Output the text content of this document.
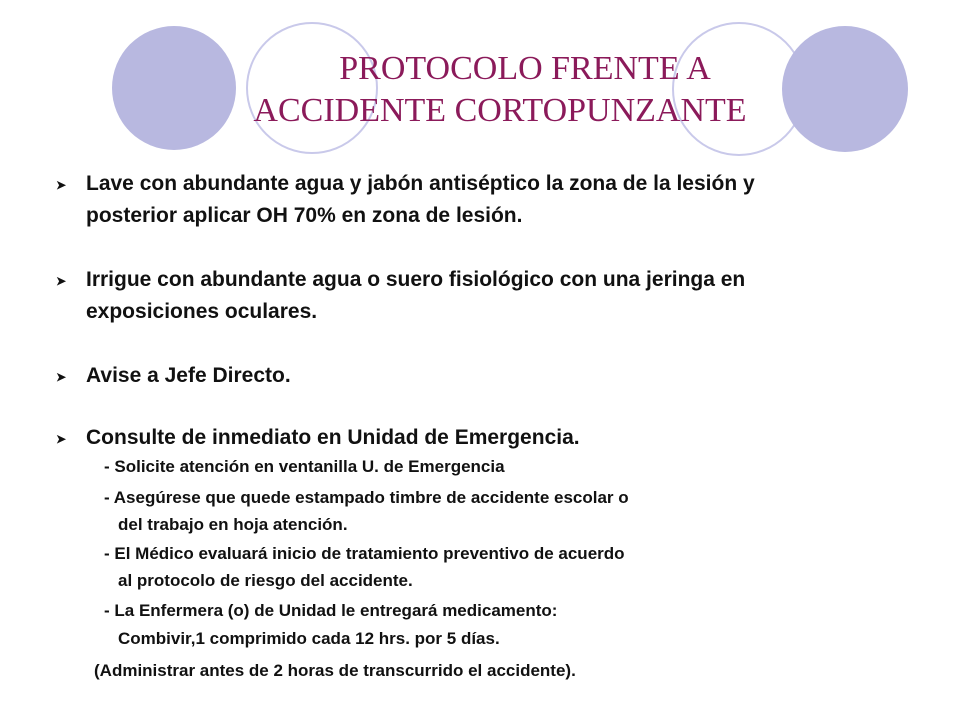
PROTOCOLO FRENTE A
ACCIDENTE CORTOPUNZANTE
➤ Lave con abundante agua y jabón antiséptico la zona de la lesión y
posterior aplicar OH 70% en zona de lesión.
➤ Irrigue con abundante agua o suero fisiológico con una jeringa en
exposiciones oculares.
➤ Avise a Jefe Directo.
➤ Consulte de inmediato en Unidad de Emergencia.
- Solicite atención en ventanilla U. de Emergencia
- Asegúrese que quede estampado timbre de accidente escolar o
del trabajo en hoja atención.
- El Médico evaluará inicio de tratamiento preventivo de acuerdo
al protocolo de riesgo del accidente.
- La Enfermera (o) de Unidad le entregará medicamento:
Combivir,1 comprimido cada 12 hrs. por 5 días.
(Administrar antes de 2 horas de transcurrido el accidente).
